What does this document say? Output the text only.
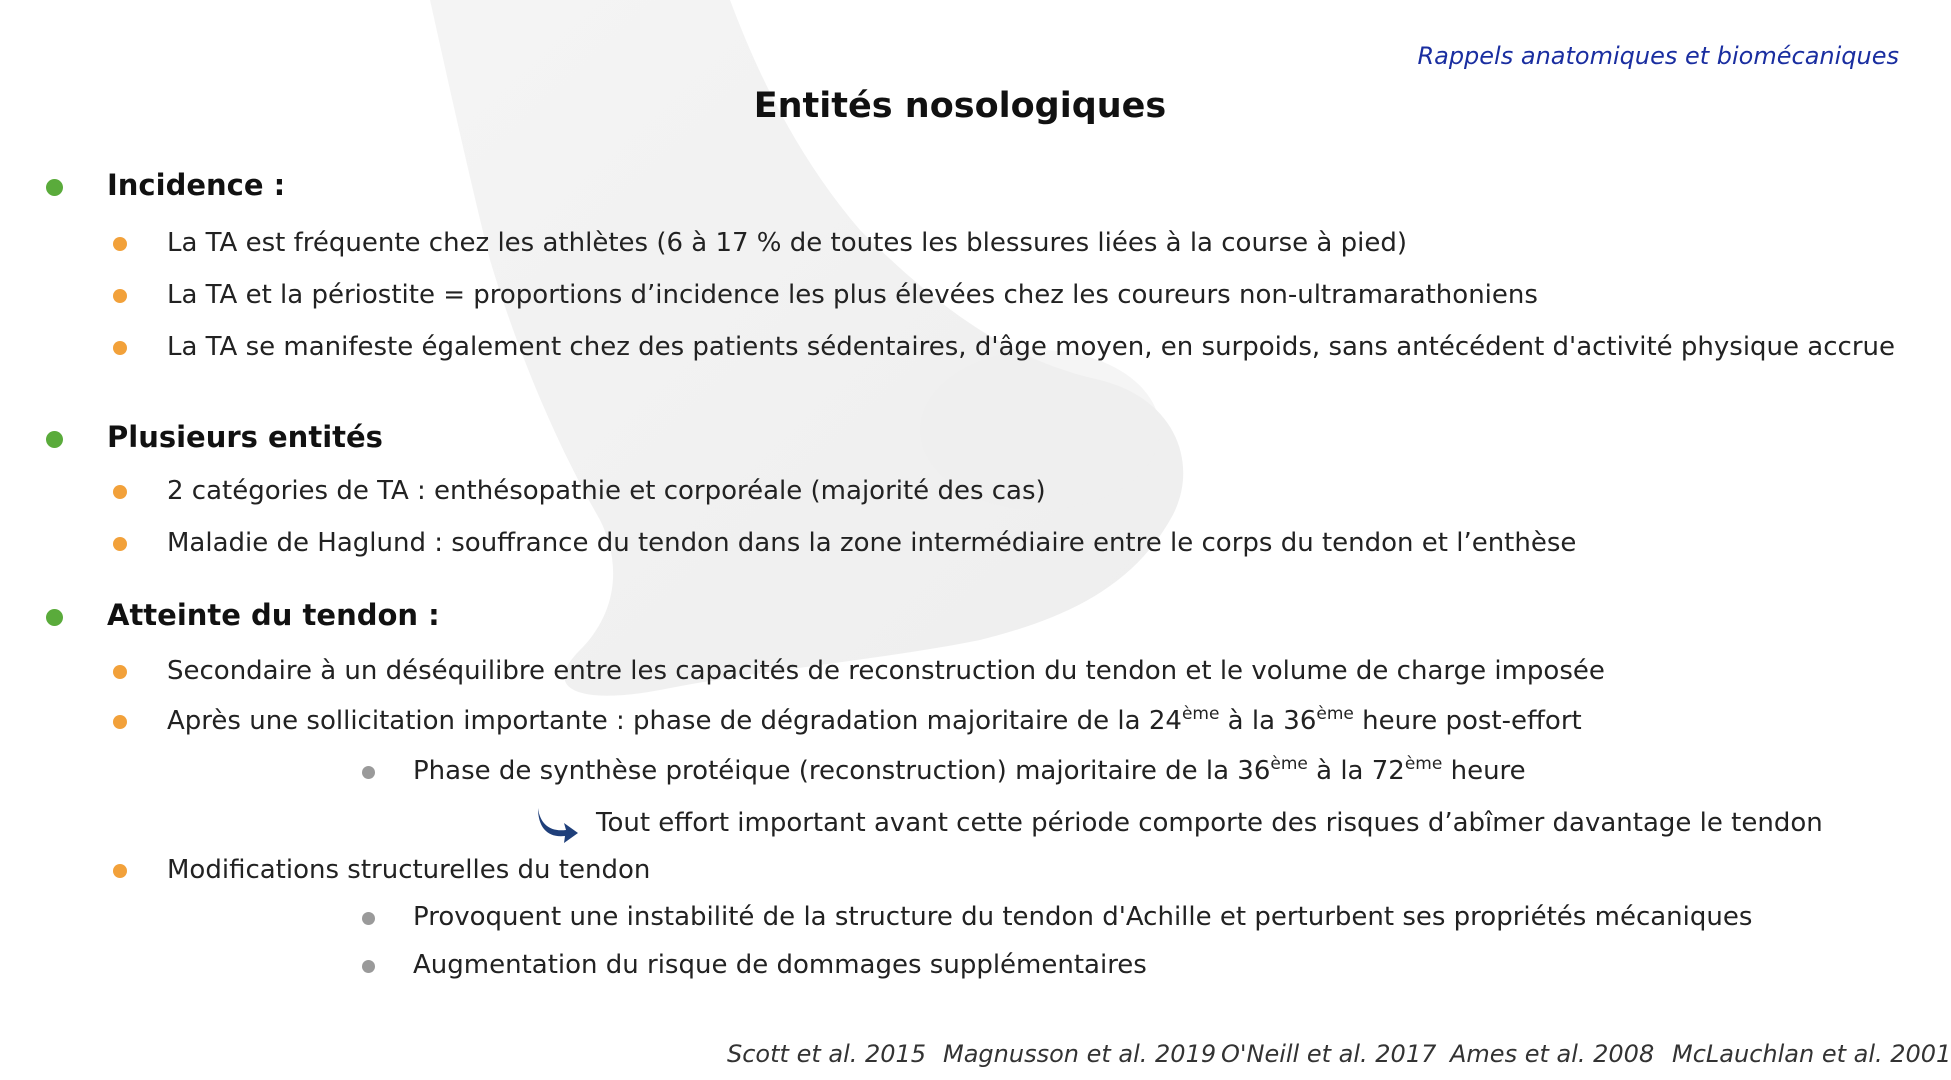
Rappels anatomiques et biomécaniques
Entités nosologiques
Incidence :
La TA est fréquente chez les athlètes (6 à 17 % de toutes les blessures liées à la course à pied)
La TA et la périostite = proportions d’incidence les plus élevées chez les coureurs non-ultramarathoniens
La TA se manifeste également chez des patients sédentaires, d'âge moyen, en surpoids, sans antécédent d'activité physique accrue
Plusieurs entités
2 catégories de TA : enthésopathie et corporéale (majorité des cas)
Maladie de Haglund : souffrance du tendon dans la zone intermédiaire entre le corps du tendon et l’enthèse
Atteinte du tendon :
Secondaire à un déséquilibre entre les capacités de reconstruction du tendon et le volume de charge imposée
Après une sollicitation importante : phase de dégradation majoritaire de la 24ème à la 36ème heure post-effort
Phase de synthèse protéique (reconstruction) majoritaire de la 36ème à la 72ème heure
Tout effort important avant cette période comporte des risques d’abîmer davantage le tendon
Modifications structurelles du tendon
Provoquent une instabilité de la structure du tendon d'Achille et perturbent ses propriétés mécaniques
Augmentation du risque de dommages supplémentaires
Scott et al. 2015 Magnusson et al. 2019 O'Neill et al. 2017 Ames et al. 2008 McLauchlan et al. 2001
